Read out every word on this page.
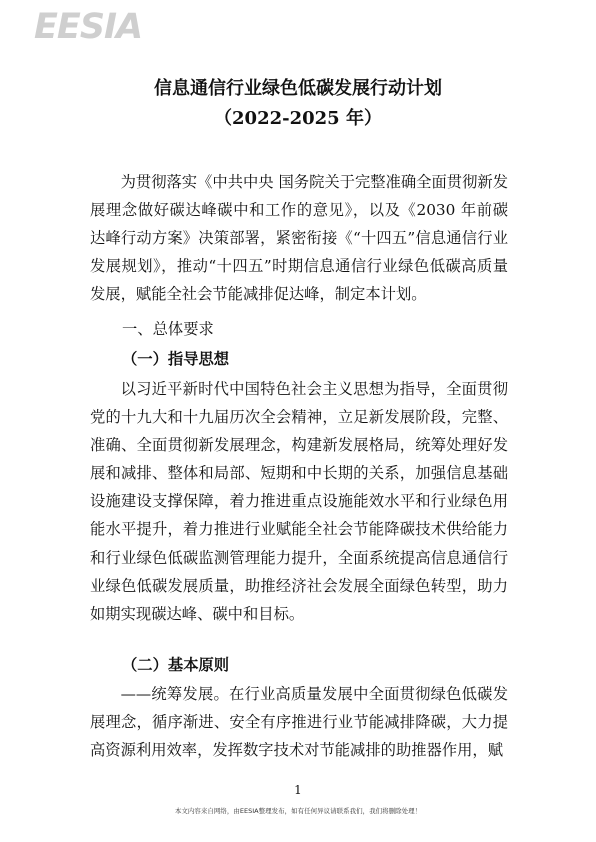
EESIA
信息通信行业绿色低碳发展行动计划
（2022-2025 年）

为贯彻落实《中共中央 国务院关于完整准确全面贯彻新发展理念做好碳达峰碳中和工作的意见》，以及《2030 年前碳达峰行动方案》决策部署，紧密衔接《“十四五”信息通信行业发展规划》，推动“十四五”时期信息通信行业绿色低碳高质量发展，赋能全社会节能减排促达峰，制定本计划。

一、总体要求
（一）指导思想

以习近平新时代中国特色社会主义思想为指导，全面贯彻党的十九大和十九届历次全会精神，立足新发展阶段，完整、准确、全面贯彻新发展理念，构建新发展格局，统筹处理好发展和减排、整体和局部、短期和中长期的关系，加强信息基础设施建设支撑保障，着力推进重点设施能效水平和行业绿色用能水平提升，着力推进行业赋能全社会节能降碳技术供给能力和行业绿色低碳监测管理能力提升，全面系统提高信息通信行业绿色低碳发展质量，助推经济社会发展全面绿色转型，助力如期实现碳达峰、碳中和目标。

（二）基本原则

——统筹发展。在行业高质量发展中全面贯彻绿色低碳发展理念，循序渐进、安全有序推进行业节能减排降碳，大力提高资源利用效率，发挥数字技术对节能减排的助推器作用，赋

1
本文内容来自网络，由EESIA整理发布，如有任何异议请联系我们，我们将删除处理！
